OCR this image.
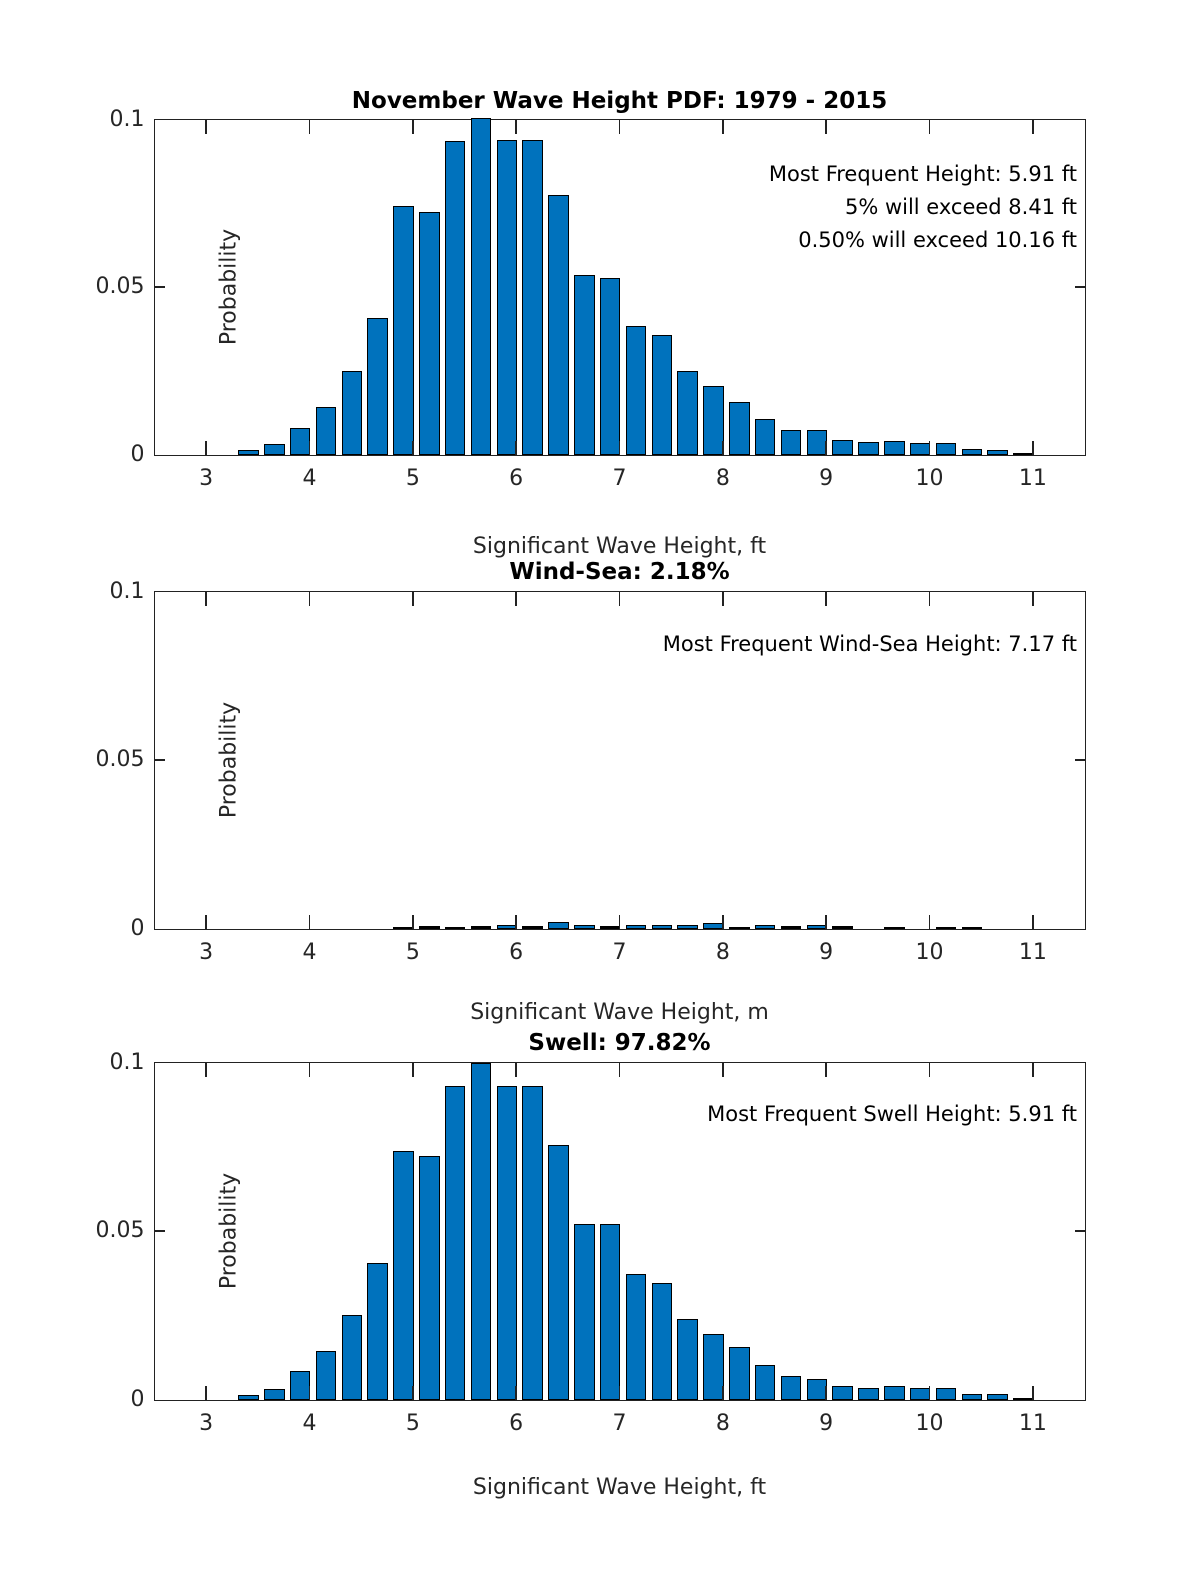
November Wave Height PDF: 1979 - 2015
Probability
3	4	5	6	7	8	9	10	11
0
0.05
0.1
Most Frequent Height: 5.91 ft
5% will exceed 8.41 ft
0.50% will exceed 10.16 ft
Significant Wave Height, ft
Wind-Sea: 2.18%
Probability
3	4	5	6	7	8	9	10	11
0
0.05
0.1
Most Frequent Wind-Sea Height: 7.17 ft
Significant Wave Height, m
Swell: 97.82%
Probability
3	4	5	6	7	8	9	10	11
0
0.05
0.1
Most Frequent Swell Height: 5.91 ft
Significant Wave Height, ft
